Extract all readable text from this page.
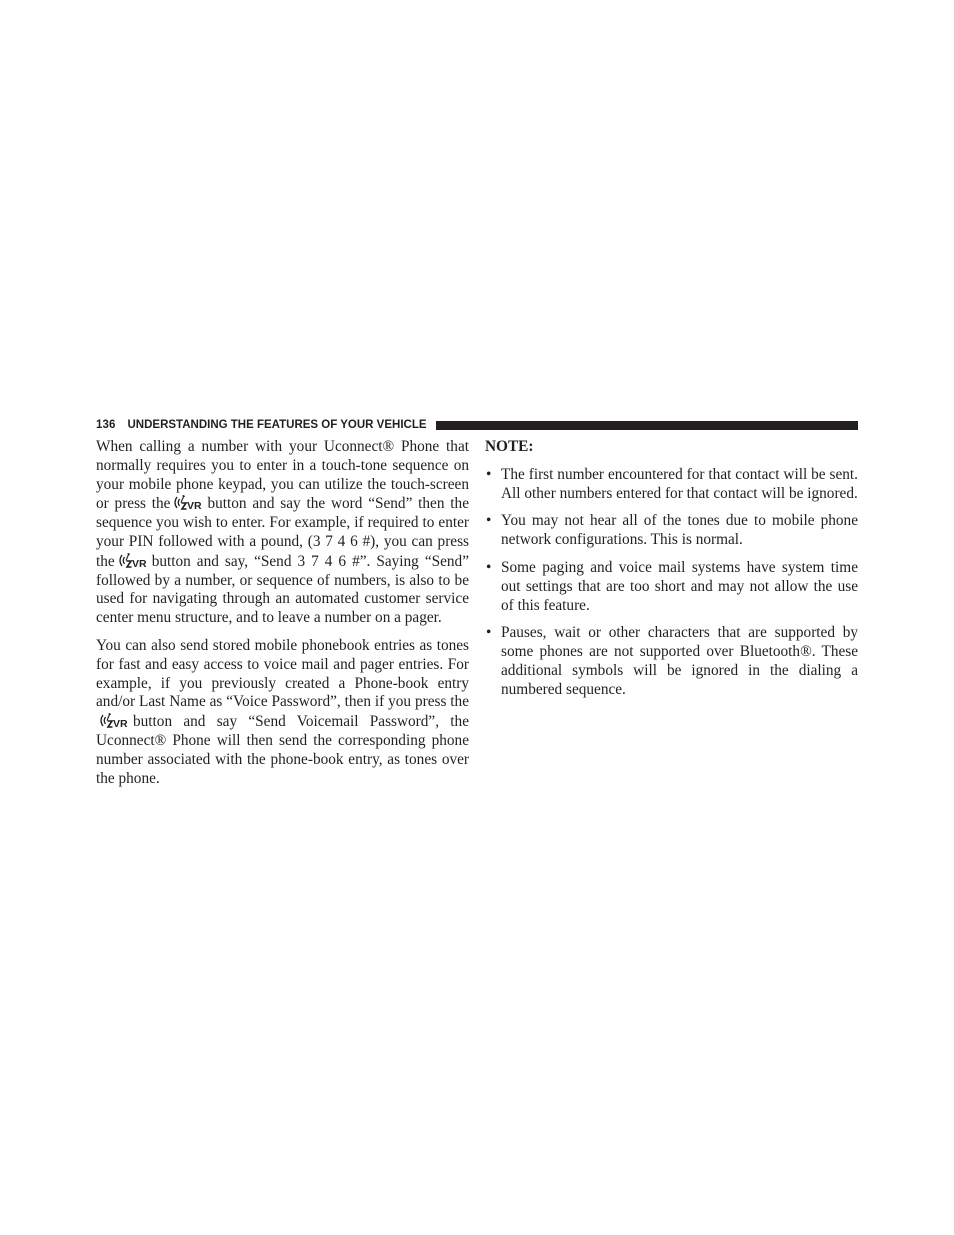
136 UNDERSTANDING THE FEATURES OF YOUR VEHICLE

When calling a number with your Uconnect® Phone that normally requires you to enter in a touch-tone sequence on your mobile phone keypad, you can utilize the touch-screen or press the VR button and say the word “Send” then the sequence you wish to enter. For example, if required to enter your PIN followed with a pound, (3 7 4 6 #), you can press the VR button and say, “Send 3 7 4 6 #”. Saying “Send” followed by a number, or sequence of numbers, is also to be used for navigating through an automated customer service center menu structure, and to leave a number on a pager.

You can also send stored mobile phonebook entries as tones for fast and easy access to voice mail and pager entries. For example, if you previously created a Phone-book entry and/or Last Name as “Voice Password”, then if you press the
VR button and say “Send Voicemail Password”, the Uconnect® Phone will then send the corresponding phone number associated with the phone-book entry, as tones over the phone.

NOTE:
• The first number encountered for that contact will be sent. All other numbers entered for that contact will be ignored.
• You may not hear all of the tones due to mobile phone network configurations. This is normal.
• Some paging and voice mail systems have system time out settings that are too short and may not allow the use of this feature.
• Pauses, wait or other characters that are supported by some phones are not supported over Bluetooth®. These additional symbols will be ignored in the dialing a numbered sequence.
